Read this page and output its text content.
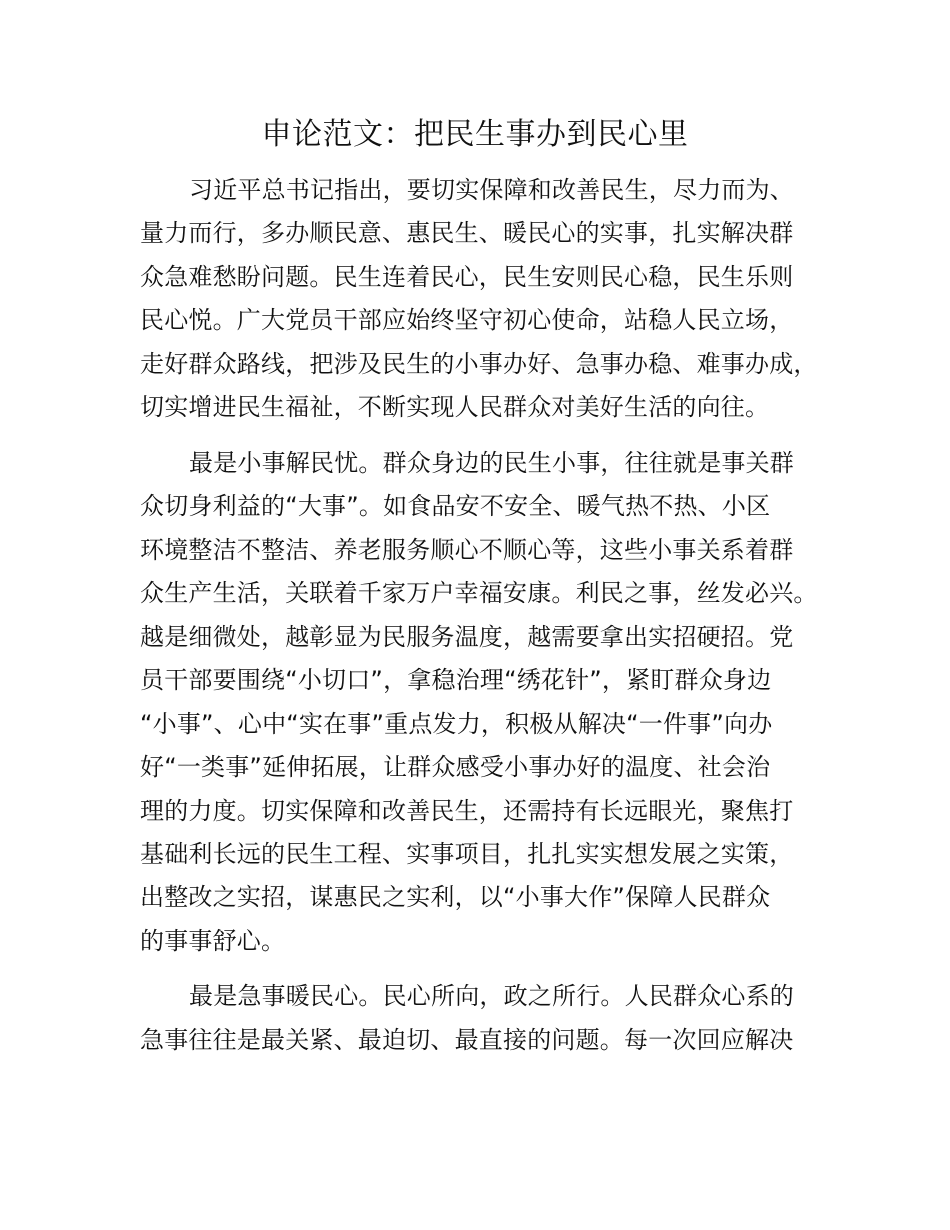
申论范文：把民生事办到民心里
习近平总书记指出，要切实保障和改善民生，尽力而为、
量力而行，多办顺民意、惠民生、暖民心的实事，扎实解决群
众急难愁盼问题。民生连着民心，民生安则民心稳，民生乐则
民心悦。广大党员干部应始终坚守初心使命，站稳人民立场，
走好群众路线，把涉及民生的小事办好、急事办稳、难事办成，
切实增进民生福祉，不断实现人民群众对美好生活的向往。
最是小事解民忧。群众身边的民生小事，往往就是事关群
众切身利益的“大事”。如食品安不安全、暖气热不热、小区
环境整洁不整洁、养老服务顺心不顺心等，这些小事关系着群
众生产生活，关联着千家万户幸福安康。利民之事，丝发必兴。
越是细微处，越彰显为民服务温度，越需要拿出实招硬招。党
员干部要围绕“小切口”，拿稳治理“绣花针”，紧盯群众身边
“小事”、心中“实在事”重点发力，积极从解决“一件事”向办
好“一类事”延伸拓展，让群众感受小事办好的温度、社会治
理的力度。切实保障和改善民生，还需持有长远眼光，聚焦打
基础利长远的民生工程、实事项目，扎扎实实想发展之实策，
出整改之实招，谋惠民之实利，以“小事大作”保障人民群众
的事事舒心。
最是急事暖民心。民心所向，政之所行。人民群众心系的
急事往往是最关紧、最迫切、最直接的问题。每一次回应解决
